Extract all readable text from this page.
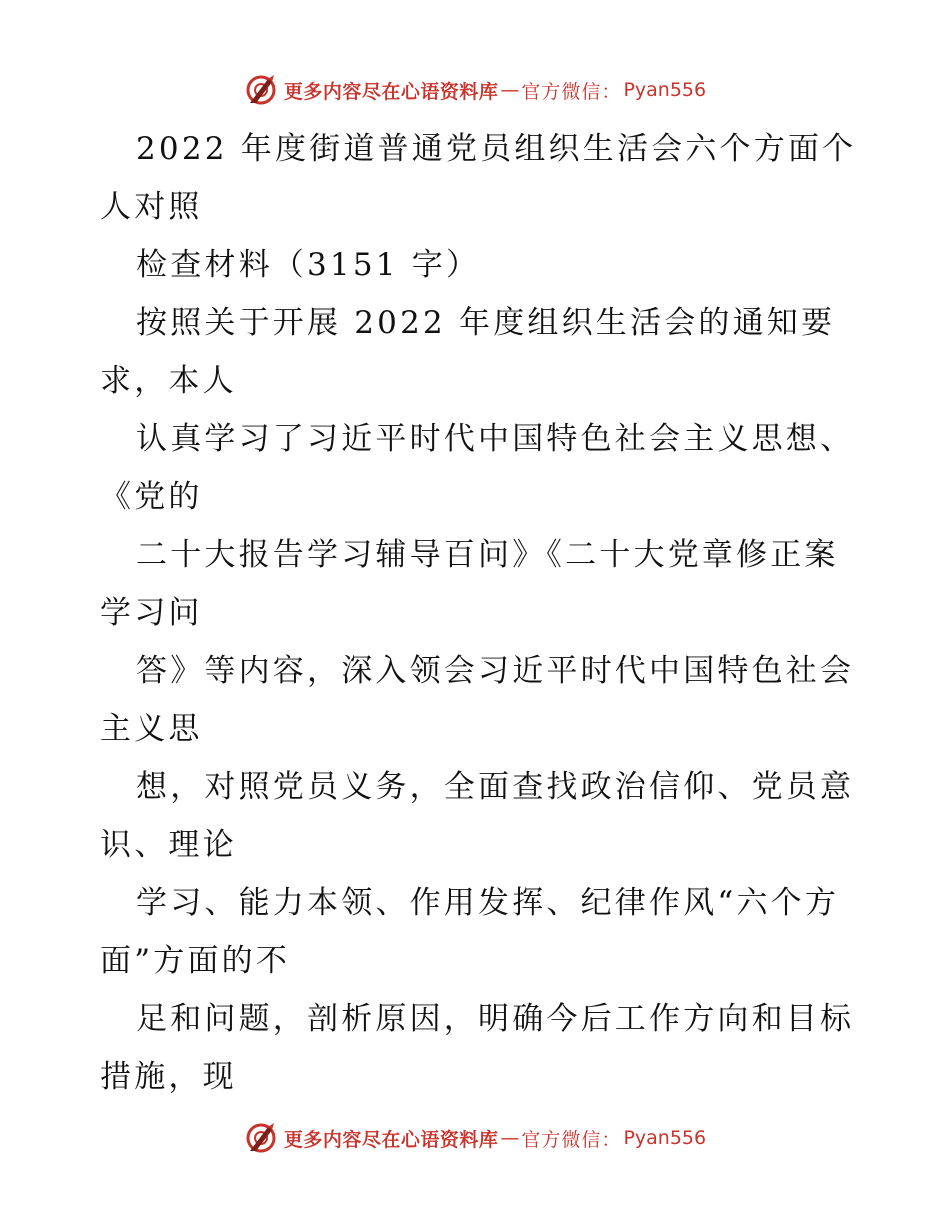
更多内容尽在心语资料库 — 官方微信： Pyan556
2022 年度街道普通党员组织生活会六个方面个
人对照
检查材料（3151 字）
按照关于开展 2022 年度组织生活会的通知要
求，本人
认真学习了习近平时代中国特色社会主义思想、
《党的
二十大报告学习辅导百问》《二十大党章修正案
学习问
答》等内容，深入领会习近平时代中国特色社会
主义思
想，对照党员义务，全面查找政治信仰、党员意
识、理论
学习、能力本领、作用发挥、纪律作风“六个方
面”方面的不
足和问题，剖析原因，明确今后工作方向和目标
措施，现
更多内容尽在心语资料库 — 官方微信： Pyan556
